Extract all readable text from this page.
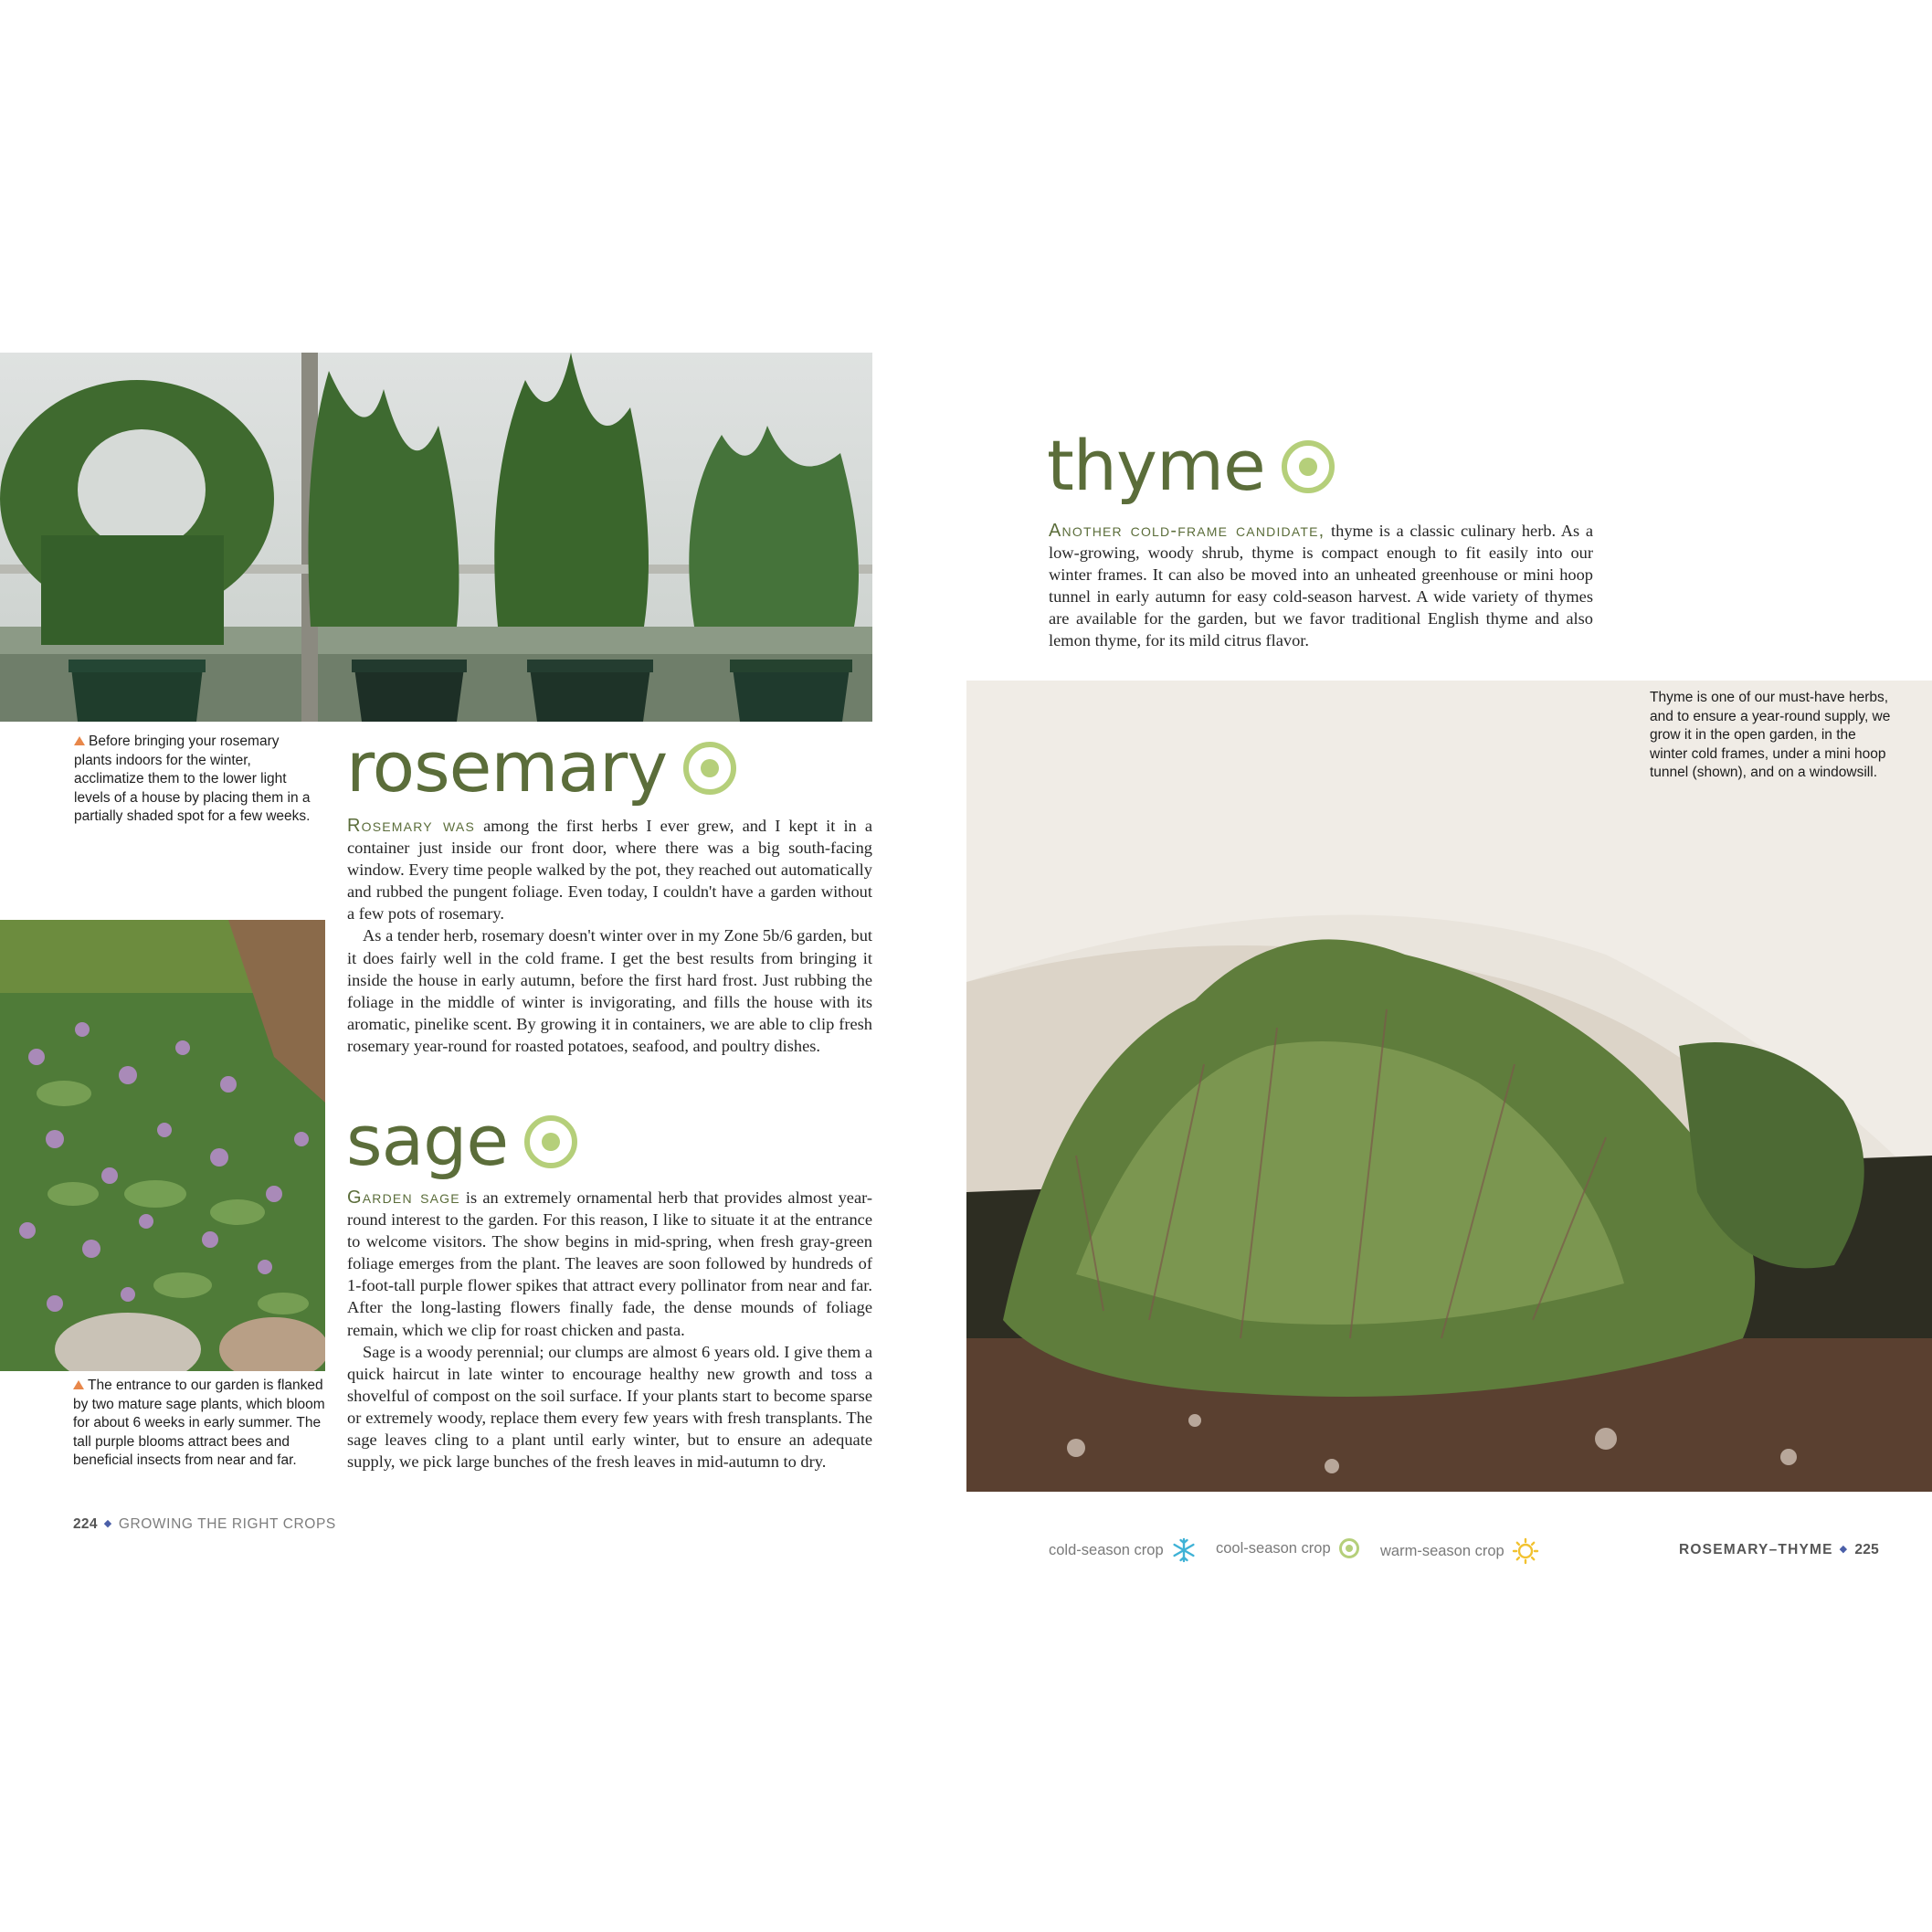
Before bringing your rosemary plants indoors for the winter, acclimatize them to the lower light levels of a house by placing them in a partially shaded spot for a few weeks.

The entrance to our garden is flanked by two mature sage plants, which bloom for about 6 weeks in early summer. The tall purple blooms attract bees and beneficial insects from near and far.

Thyme is one of our must-have herbs, and to ensure a year-round supply, we grow it in the open garden, in the winter cold frames, under a mini hoop tunnel (shown), and on a windowsill.

rosemary

Rosemary was among the first herbs I ever grew, and I kept it in a container just inside our front door, where there was a big south-facing window. Every time people walked by the pot, they reached out automatically and rubbed the pungent foliage. Even today, I couldn't have a garden without a few pots of rosemary.

As a tender herb, rosemary doesn't winter over in my Zone 5b/6 garden, but it does fairly well in the cold frame. I get the best results from bringing it inside the house in early autumn, before the first hard frost. Just rubbing the foliage in the middle of winter is invigorating, and fills the house with its aromatic, pinelike scent. By growing it in containers, we are able to clip fresh rosemary year-round for roasted potatoes, seafood, and poultry dishes.

sage

Garden sage is an extremely ornamental herb that provides almost year-round interest to the garden. For this reason, I like to situate it at the entrance to welcome visitors. The show begins in mid-spring, when fresh gray-green foliage emerges from the plant. The leaves are soon followed by hundreds of 1-foot-tall purple flower spikes that attract every pollinator from near and far. After the long-lasting flowers finally fade, the dense mounds of foliage remain, which we clip for roast chicken and pasta.

Sage is a woody perennial; our clumps are almost 6 years old. I give them a quick haircut in late winter to encourage healthy new growth and toss a shovelful of compost on the soil surface. If your plants start to become sparse or extremely woody, replace them every few years with fresh transplants. The sage leaves cling to a plant until early winter, but to ensure an adequate supply, we pick large bunches of the fresh leaves in mid-autumn to dry.

thyme

Another cold-frame candidate, thyme is a classic culinary herb. As a low-growing, woody shrub, thyme is compact enough to fit easily into our winter frames. It can also be moved into an unheated greenhouse or mini hoop tunnel in early autumn for easy cold-season harvest. A wide variety of thymes are available for the garden, but we favor traditional English thyme and also lemon thyme, for its mild citrus flavor.

224 ◆ GROWING THE RIGHT CROPS
cold-season crop	cool-season crop	warm-season crop	ROSEMARY–THYME ◆ 225
